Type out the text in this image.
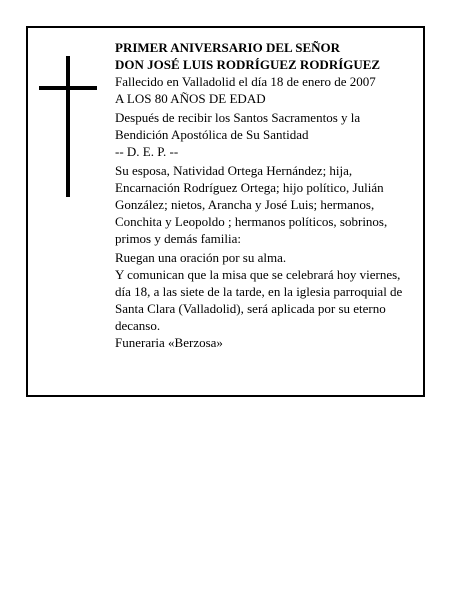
PRIMER ANIVERSARIO DEL SEÑOR
DON JOSÉ LUIS RODRÍGUEZ RODRÍGUEZ
Fallecido en Valladolid el día 18 de enero de 2007
A LOS 80 AÑOS DE EDAD
Después de recibir los Santos Sacramentos y la
Bendición Apostólica de Su Santidad
-- D. E. P. --
Su esposa, Natividad Ortega Hernández; hija,
Encarnación Rodríguez Ortega; hijo político, Julián
González; nietos, Arancha y José Luis; hermanos,
Conchita y Leopoldo ; hermanos políticos, sobrinos,
primos y demás familia:
Ruegan una oración por su alma.
Y comunican que la misa que se celebrará hoy viernes,
día 18, a las siete de la tarde, en la iglesia parroquial de
Santa Clara (Valladolid), será aplicada por su eterno
decanso.
Funeraria «Berzosa»
